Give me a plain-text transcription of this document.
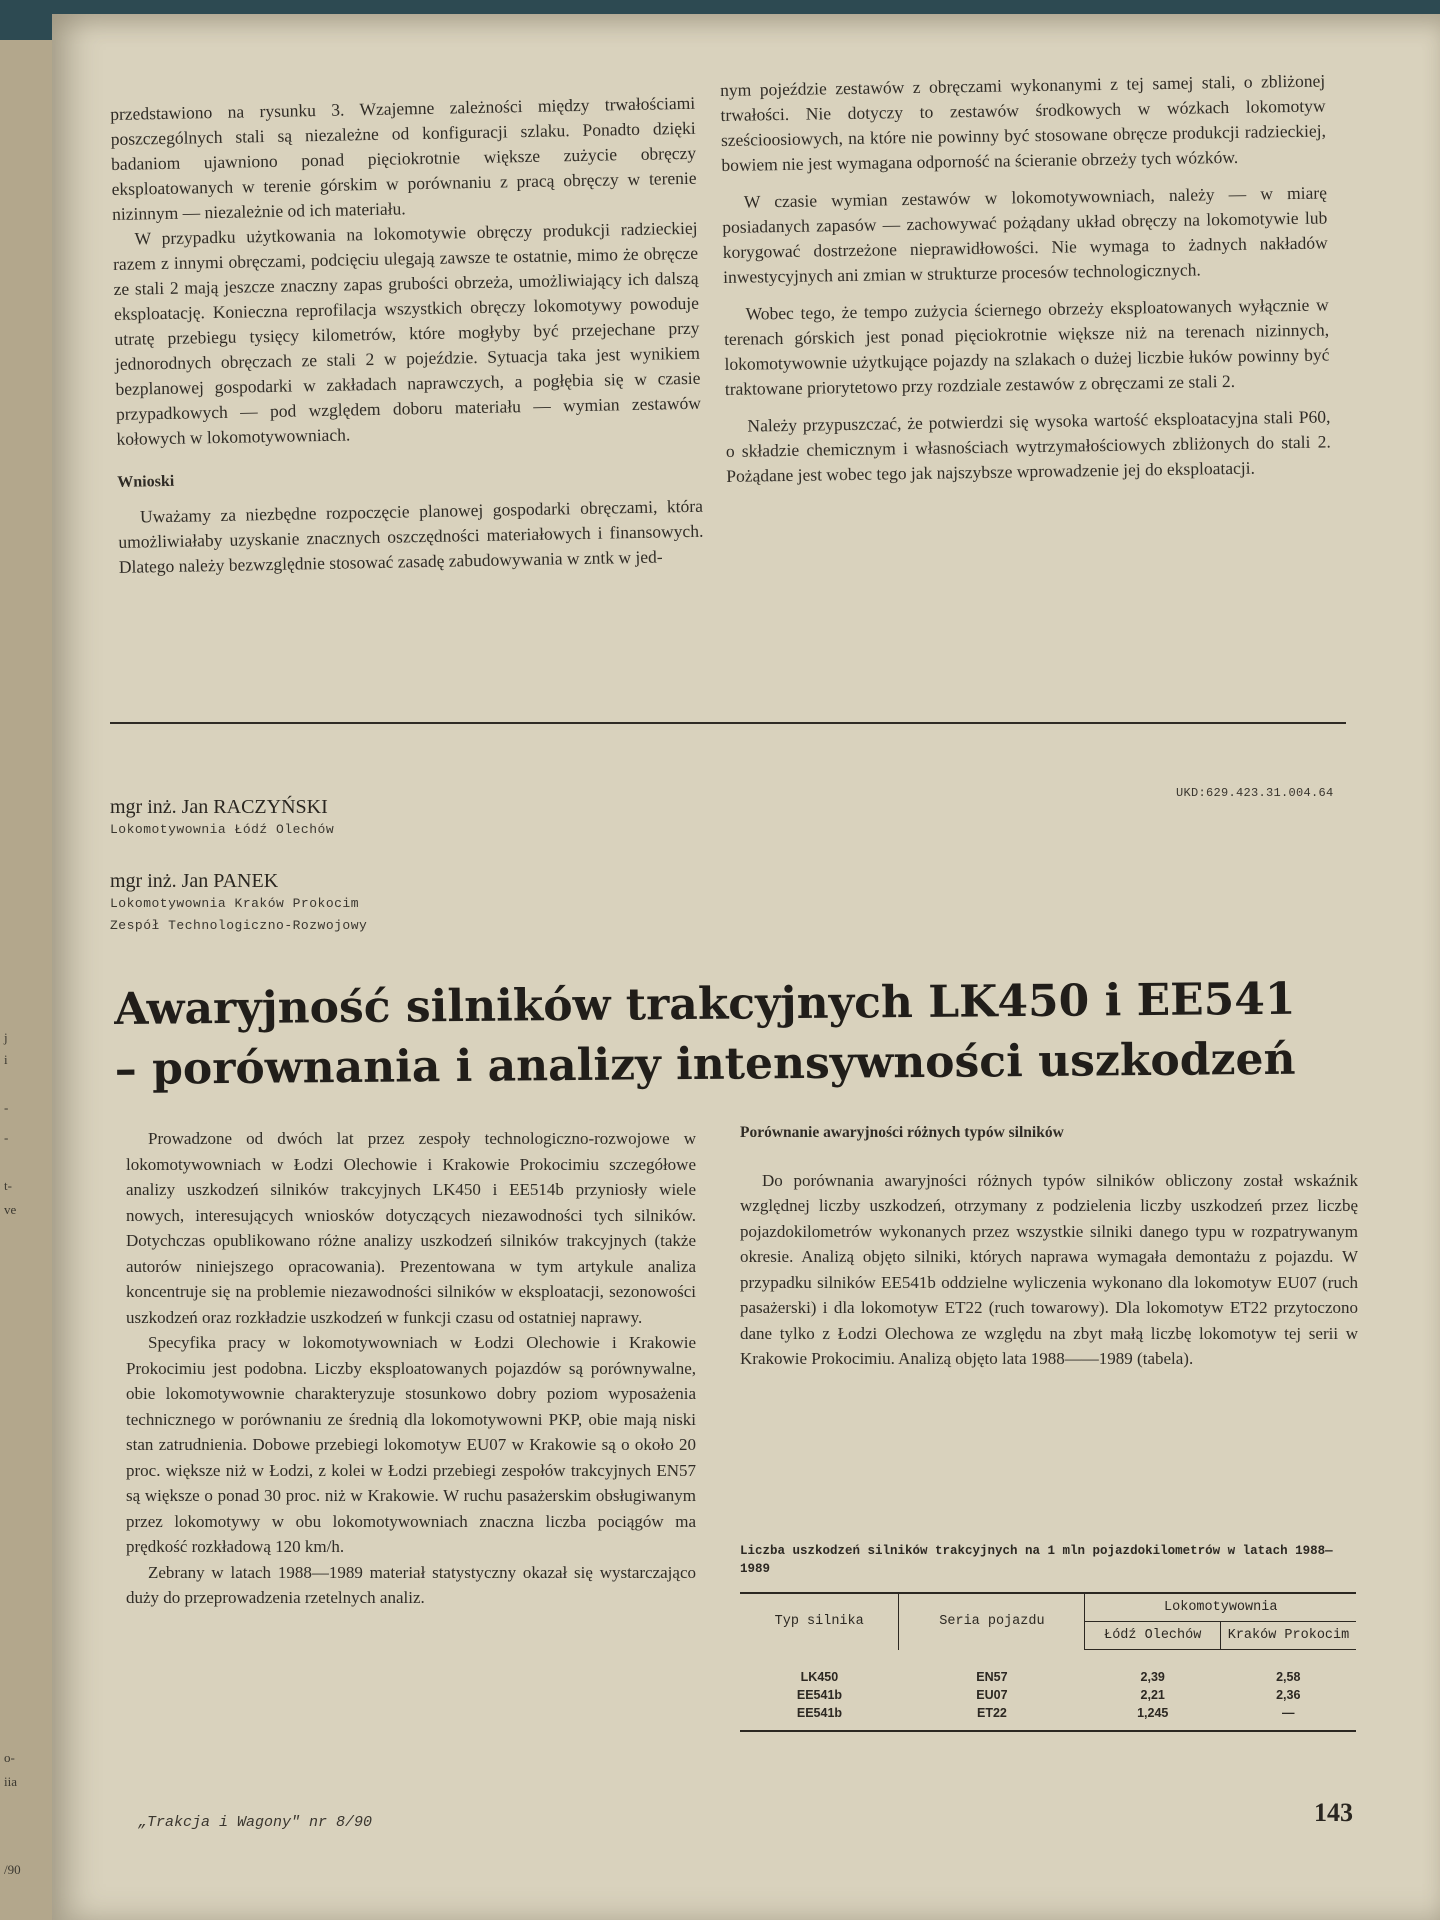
j
i
-
-
t-
ve
o-
iia
/90

przedstawiono na rysunku 3. Wzajemne zależności między trwałościami poszczególnych stali są niezależne od konfiguracji szlaku. Ponadto dzięki badaniom ujawniono ponad pięciokrotnie większe zużycie obręczy eksploatowanych w terenie górskim w porównaniu z pracą obręczy w terenie nizinnym — niezależnie od ich materiału.

W przypadku użytkowania na lokomotywie obręczy produkcji radzieckiej razem z innymi obręczami, podcięciu ulegają zawsze te ostatnie, mimo że obręcze ze stali 2 mają jeszcze znaczny zapas grubości obrzeża, umożliwiający ich dalszą eksploatację. Konieczna reprofilacja wszystkich obręczy lokomotywy powoduje utratę przebiegu tysięcy kilometrów, które mogłyby być przejechane przy jednorodnych obręczach ze stali 2 w pojeździe. Sytuacja taka jest wynikiem bezplanowej gospodarki w zakładach naprawczych, a pogłębia się w czasie przypadkowych — pod względem doboru materiału — wymian zestawów kołowych w lokomotywowniach.

Wnioski

Uważamy za niezbędne rozpoczęcie planowej gospodarki obręczami, która umożliwiałaby uzyskanie znacznych oszczędności materiałowych i finansowych. Dlatego należy bezwzględnie stosować zasadę zabudowywania w zntk w jed-

nym pojeździe zestawów z obręczami wykonanymi z tej samej stali, o zbliżonej trwałości. Nie dotyczy to zestawów środkowych w wózkach lokomotyw sześcioosiowych, na które nie powinny być stosowane obręcze produkcji radzieckiej, bowiem nie jest wymagana odporność na ścieranie obrzeży tych wózków.

W czasie wymian zestawów w lokomotywowniach, należy — w miarę posiadanych zapasów — zachowywać pożądany układ obręczy na lokomotywie lub korygować dostrzeżone nieprawidłowości. Nie wymaga to żadnych nakładów inwestycyjnych ani zmian w strukturze procesów technologicznych.

Wobec tego, że tempo zużycia ściernego obrzeży eksploatowanych wyłącznie w terenach górskich jest ponad pięciokrotnie większe niż na terenach nizinnych, lokomotywownie użytkujące pojazdy na szlakach o dużej liczbie łuków powinny być traktowane priorytetowo przy rozdziale zestawów z obręczami ze stali 2.

Należy przypuszczać, że potwierdzi się wysoka wartość eksploatacyjna stali P60, o składzie chemicznym i własnościach wytrzymałościowych zbliżonych do stali 2. Pożądane jest wobec tego jak najszybsze wprowadzenie jej do eksploatacji.

UKD:629.423.31.004.64
mgr inż. Jan RACZYŃSKI
Lokomotywownia Łódź Olechów
mgr inż. Jan PANEK
Lokomotywownia Kraków Prokocim
Zespół Technologiczno-Rozwojowy
Awaryjność silników trakcyjnych LK450 i EE541
– porównania i analizy intensywności uszkodzeń

Prowadzone od dwóch lat przez zespoły technologiczno-rozwojowe w lokomotywowniach w Łodzi Olechowie i Krakowie Prokocimiu szczegółowe analizy uszkodzeń silników trakcyjnych LK450 i EE514b przyniosły wiele nowych, interesujących wniosków dotyczących niezawodności tych silników. Dotychczas opublikowano różne analizy uszkodzeń silników trakcyjnych (także autorów niniejszego opracowania). Prezentowana w tym artykule analiza koncentruje się na problemie niezawodności silników w eksploatacji, sezonowości uszkodzeń oraz rozkładzie uszkodzeń w funkcji czasu od ostatniej naprawy.

Specyfika pracy w lokomotywowniach w Łodzi Olechowie i Krakowie Prokocimiu jest podobna. Liczby eksploatowanych pojazdów są porównywalne, obie lokomotywownie charakteryzuje stosunkowo dobry poziom wyposażenia technicznego w porównaniu ze średnią dla lokomotywowni PKP, obie mają niski stan zatrudnienia. Dobowe przebiegi lokomotyw EU07 w Krakowie są o około 20 proc. większe niż w Łodzi, z kolei w Łodzi przebiegi zespołów trakcyjnych EN57 są większe o ponad 30 proc. niż w Krakowie. W ruchu pasażerskim obsługiwanym przez lokomotywy w obu lokomotywowniach znaczna liczba pociągów ma prędkość rozkładową 120 km/h.

Zebrany w latach 1988—1989 materiał statystyczny okazał się wystarczająco duży do przeprowadzenia rzetelnych analiz.

Porównanie awaryjności różnych typów silników

Do porównania awaryjności różnych typów silników obliczony został wskaźnik względnej liczby uszkodzeń, otrzymany z podzielenia liczby uszkodzeń przez liczbę pojazdokilometrów wykonanych przez wszystkie silniki danego typu w rozpatrywanym okresie. Analizą objęto silniki, których naprawa wymagała demontażu z pojazdu. W przypadku silników EE541b oddzielne wyliczenia wykonano dla lokomotyw EU07 (ruch pasażerski) i dla lokomotyw ET22 (ruch towarowy). Dla lokomotyw ET22 przytoczono dane tylko z Łodzi Olechowa ze względu na zbyt małą liczbę lokomotyw tej serii w Krakowie Prokocimiu. Analizą objęto lata 1988——1989 (tabela).

Liczba uszkodzeń silników trakcyjnych na 1 mln pojazdokilometrów w latach 1988—1989
Typ silnika	Seria pojazdu	Lokomotywownia	
		Łódź Olechów	Kraków Prokocim
LK450	EN57	2,39	2,58
EE541b	EU07	2,21	2,36
EE541b	ET22	1,245	—
„Trakcja i Wagony" nr 8/90	143
